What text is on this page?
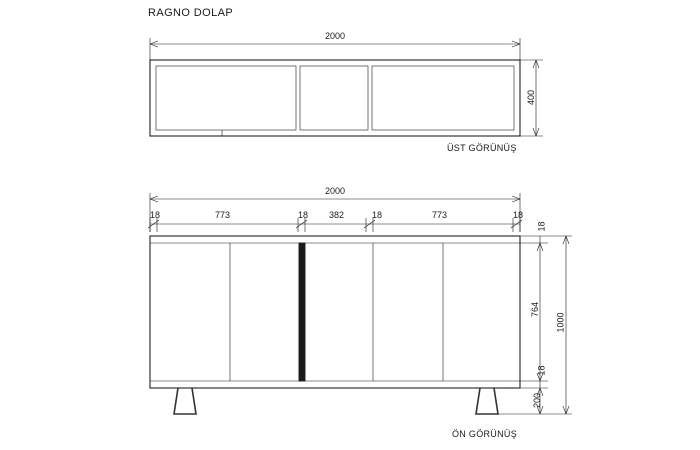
RAGNO DOLAP
2000
400
ÜST GÖRÜNÜŞ
2000
18	773	18 382	18	773	18
18
764
18
200
1000
ÖN GÖRÜNÜŞ
